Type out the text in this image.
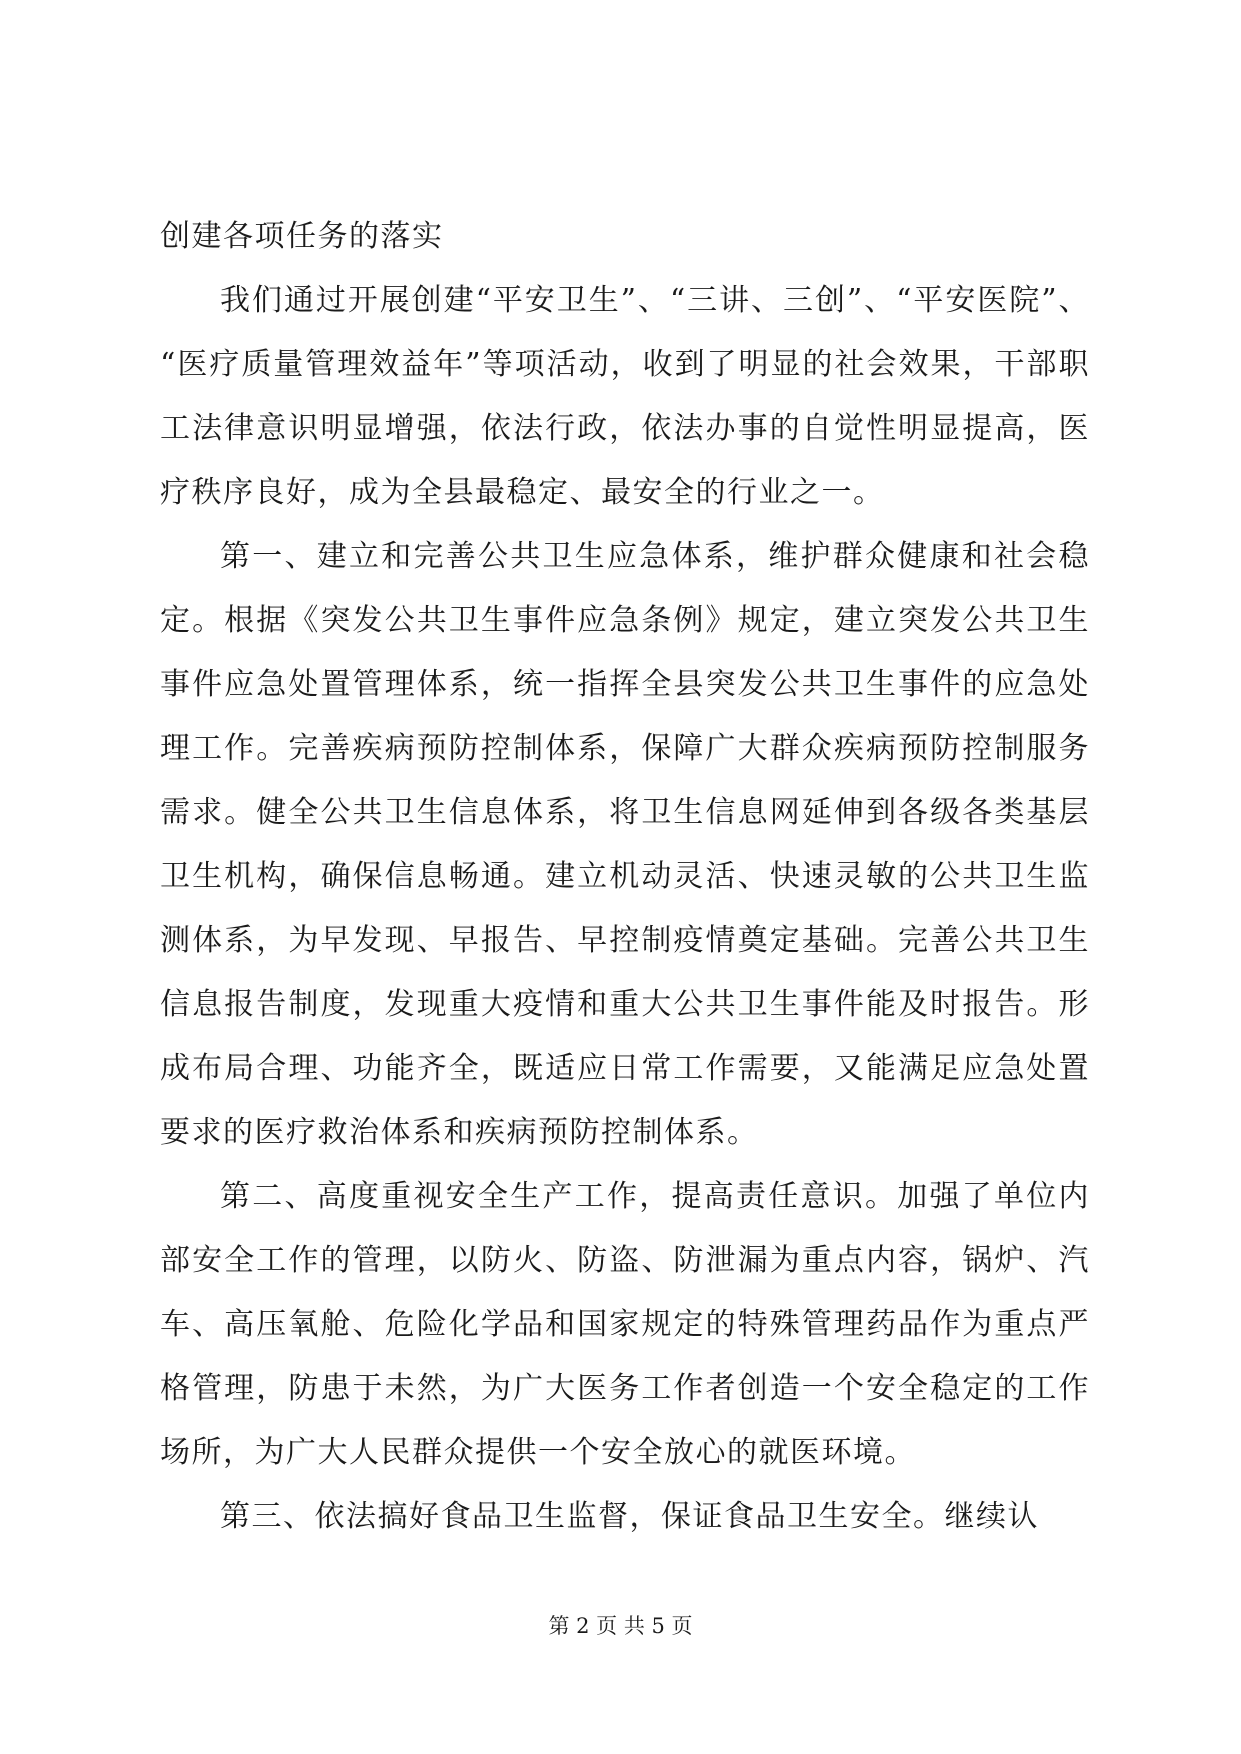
创建各项任务的落实

我们通过开展创建“平安卫生”、“三讲、三创”、“平安医院”、“医疗质量管理效益年”等项活动，收到了明显的社会效果，干部职工法律意识明显增强，依法行政，依法办事的自觉性明显提高，医疗秩序良好，成为全县最稳定、最安全的行业之一。

第一、建立和完善公共卫生应急体系，维护群众健康和社会稳定。根据《突发公共卫生事件应急条例》规定，建立突发公共卫生事件应急处置管理体系，统一指挥全县突发公共卫生事件的应急处理工作。完善疾病预防控制体系，保障广大群众疾病预防控制服务需求。健全公共卫生信息体系，将卫生信息网延伸到各级各类基层卫生机构，确保信息畅通。建立机动灵活、快速灵敏的公共卫生监测体系，为早发现、早报告、早控制疫情奠定基础。完善公共卫生信息报告制度，发现重大疫情和重大公共卫生事件能及时报告。形成布局合理、功能齐全，既适应日常工作需要，又能满足应急处置要求的医疗救治体系和疾病预防控制体系。

第二、高度重视安全生产工作，提高责任意识。加强了单位内部安全工作的管理，以防火、防盗、防泄漏为重点内容，锅炉、汽车、高压氧舱、危险化学品和国家规定的特殊管理药品作为重点严格管理，防患于未然，为广大医务工作者创造一个安全稳定的工作场所，为广大人民群众提供一个安全放心的就医环境。

第三、依法搞好食品卫生监督，保证食品卫生安全。继续认

第 2 页 共 5 页
